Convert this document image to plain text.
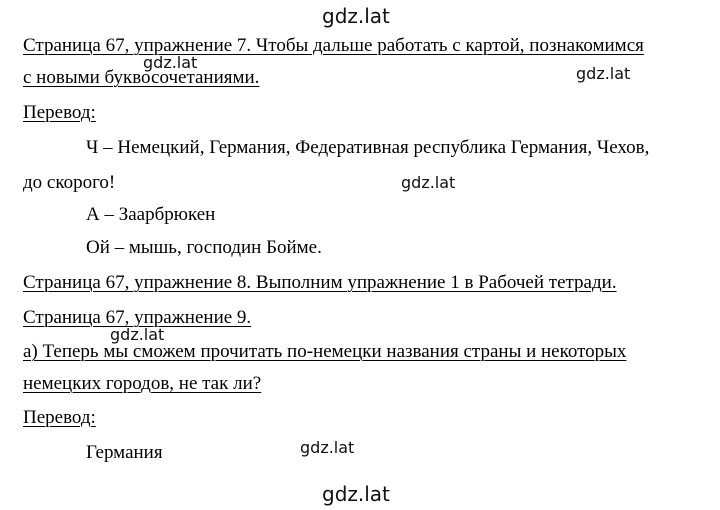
gdz.lat
Страница 67, упражнение 7. Чтобы дальше работать с картой, познакомимся
gdz.lat
gdz.lat
с новыми буквосочетаниями.
Перевод:
Ч – Немецкий, Германия, Федеративная республика Германия, Чехов,
до скорого!	gdz.lat
А – Заарбрюкен
Ой – мышь, господин Бойме.
Страница 67, упражнение 8. Выполним упражнение 1 в Рабочей тетради.
Страница 67, упражнение 9.
gdz.lat
а) Теперь мы сможем прочитать по-немецки названия страны и некоторых
немецких городов, не так ли?
Перевод:
gdz.lat
Германия
gdz.lat
